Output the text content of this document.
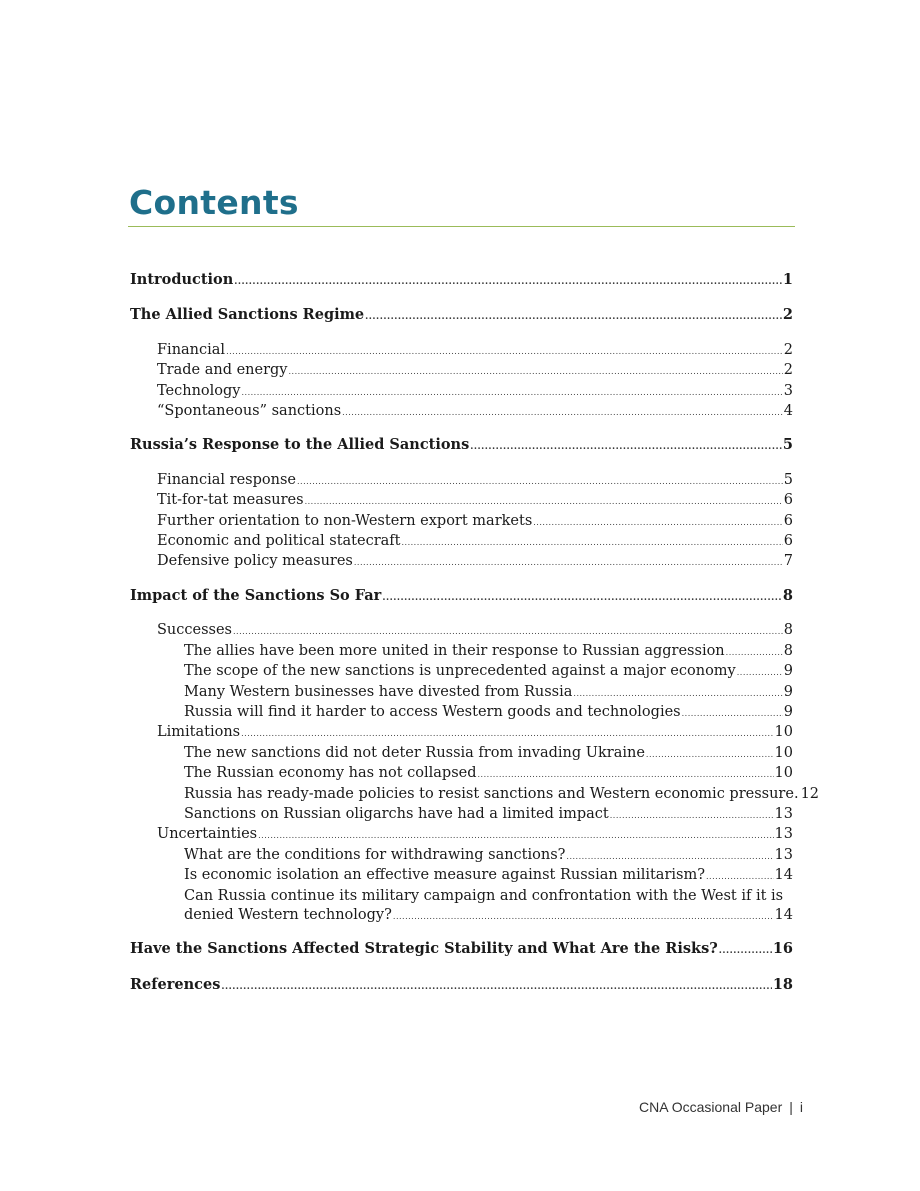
Contents
Introduction .....	1
The Allied Sanctions Regime .....	2
Financial .....	2
Trade and energy .....	2
Technology .....	3
“Spontaneous” sanctions .....	4
Russia’s Response to the Allied Sanctions .....	5
Financial response .....	5
Tit-for-tat measures .....	6
Further orientation to non-Western export markets .....	6
Economic and political statecraft .....	6
Defensive policy measures .....	7
Impact of the Sanctions So Far .....	8
Successes .....	8
The allies have been more united in their response to Russian aggression .....	8
The scope of the new sanctions is unprecedented against a major economy .....	9
Many Western businesses have divested from Russia .....	9
Russia will find it harder to access Western goods and technologies .....	9
Limitations .....	10
The new sanctions did not deter Russia from invading Ukraine .....	10
The Russian economy has not collapsed .....	10
Russia has ready-made policies to resist sanctions and Western economic pressure. 12
Sanctions on Russian oligarchs have had a limited impact .....	13
Uncertainties .....	13
What are the conditions for withdrawing sanctions? .....	13
Is economic isolation an effective measure against Russian militarism? .....	14
Can Russia continue its military campaign and confrontation with the West if it is
denied Western technology? .....	14
Have the Sanctions Affected Strategic Stability and What Are the Risks? .....	16
References .....	18
CNA Occasional Paper | i
